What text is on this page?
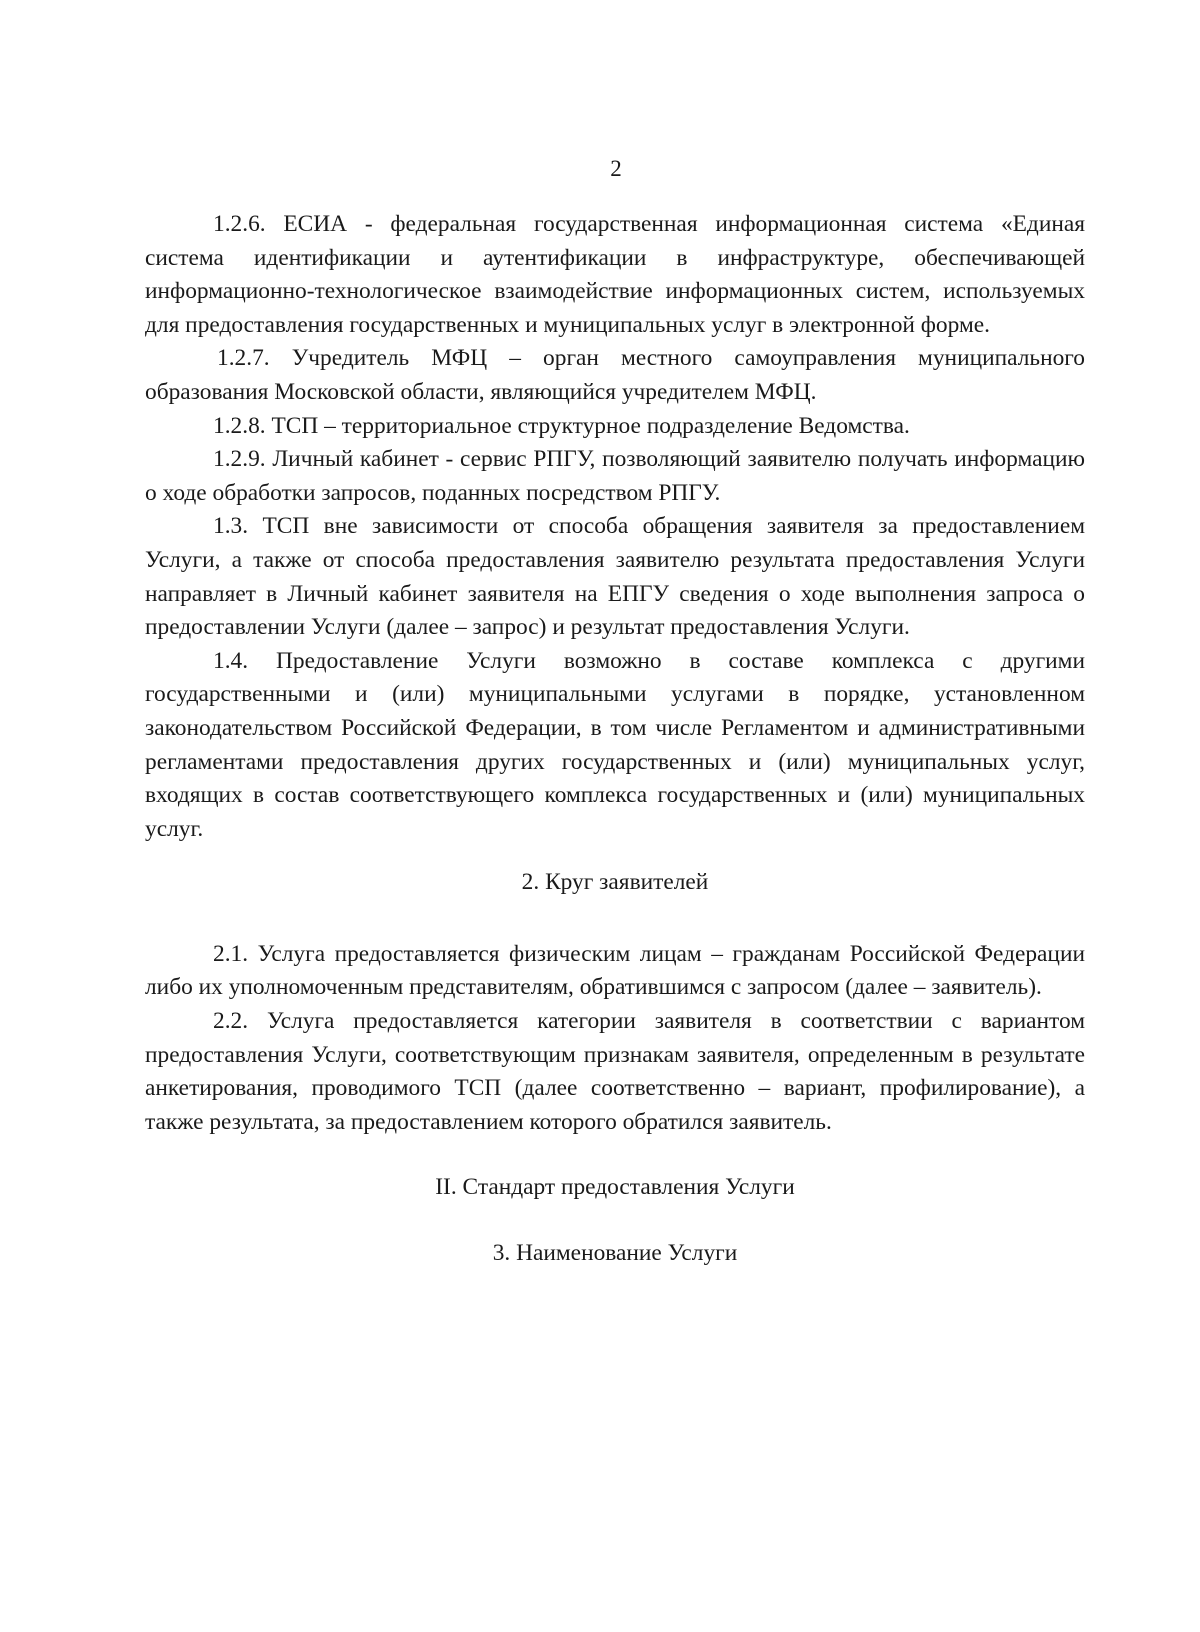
2

1.2.6. ЕСИА - федеральная государственная информационная система «Единая система идентификации и аутентификации в инфраструктуре, обеспечивающей информационно-технологическое взаимодействие информационных систем, используемых для предоставления государственных и муниципальных услуг в электронной форме.

1.2.7. Учредитель МФЦ – орган местного самоуправления муниципального образования Московской области, являющийся учредителем МФЦ.

1.2.8. ТСП – территориальное структурное подразделение Ведомства.

1.2.9. Личный кабинет - сервис РПГУ, позволяющий заявителю получать информацию о ходе обработки запросов, поданных посредством РПГУ.

1.3. ТСП вне зависимости от способа обращения заявителя за предоставлением Услуги, а также от способа предоставления заявителю результата предоставления Услуги направляет в Личный кабинет заявителя на ЕПГУ сведения о ходе выполнения запроса о предоставлении Услуги (далее – запрос) и результат предоставления Услуги.

1.4. Предоставление Услуги возможно в составе комплекса с другими государственными и (или) муниципальными услугами в порядке, установленном законодательством Российской Федерации, в том числе Регламентом и административными регламентами предоставления других государственных и (или) муниципальных услуг, входящих в состав соответствующего комплекса государственных и (или) муниципальных услуг.

2. Круг заявителей

2.1. Услуга предоставляется физическим лицам – гражданам Российской Федерации либо их уполномоченным представителям, обратившимся с запросом (далее – заявитель).

2.2. Услуга предоставляется категории заявителя в соответствии с вариантом предоставления Услуги, соответствующим признакам заявителя, определенным в результате анкетирования, проводимого ТСП (далее соответственно – вариант, профилирование), а также результата, за предоставлением которого обратился заявитель.

II. Стандарт предоставления Услуги

3. Наименование Услуги
